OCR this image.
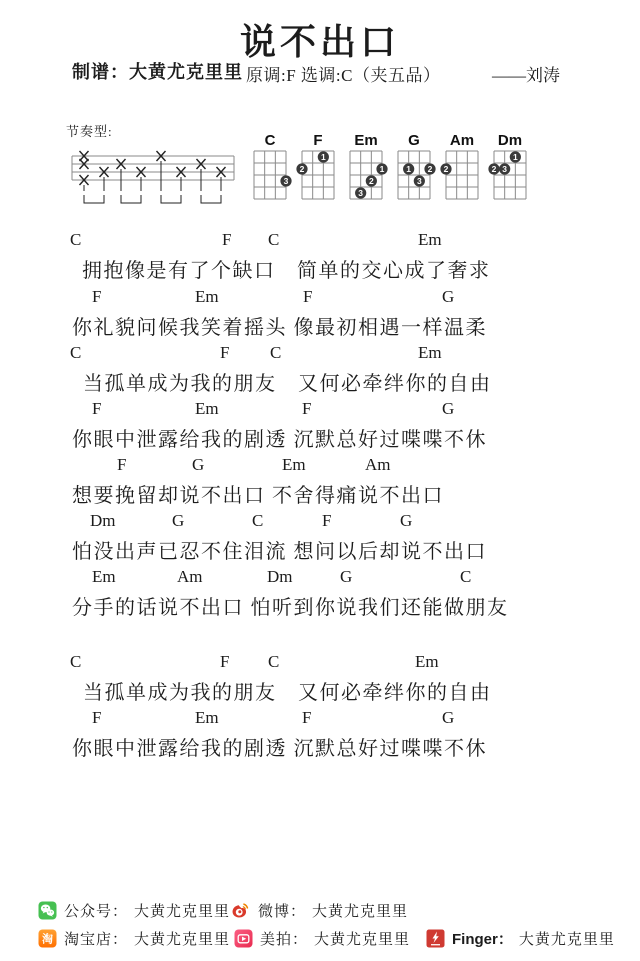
说不出口
制谱：大黄尤克里里 原调:F 选调:C（夹五品）	——刘涛
节奏型:
C
3
F
1
2
Em
1
2
3
G
1 2
3
Am
2
Dm
1
2 3
C	F C	Em
拥抱像是有了个缺口　简单的交心成了奢求
F	Em	F	G
你礼貌问候我笑着摇头 像最初相遇一样温柔
C	F C	Em
当孤单成为我的朋友　又何必牵绊你的自由
F	Em	F	G
你眼中泄露给我的剧透 沉默总好过喋喋不休
F	G	Em	Am
想要挽留却说不出口 不舍得痛说不出口
Dm	G	C	F	G
怕没出声已忍不住泪流 想问以后却说不出口
Em	Am	Dm	G	C
分手的话说不出口 怕听到你说我们还能做朋友
C	F C	Em
当孤单成为我的朋友　又何必牵绊你的自由
F	Em	F	G
你眼中泄露给我的剧透 沉默总好过喋喋不休
公众号： 大黄尤克里里 微博： 大黄尤克里里
淘 淘宝店： 大黄尤克里里 美拍： 大黄尤克里里	Finger： 大黄尤克里里
